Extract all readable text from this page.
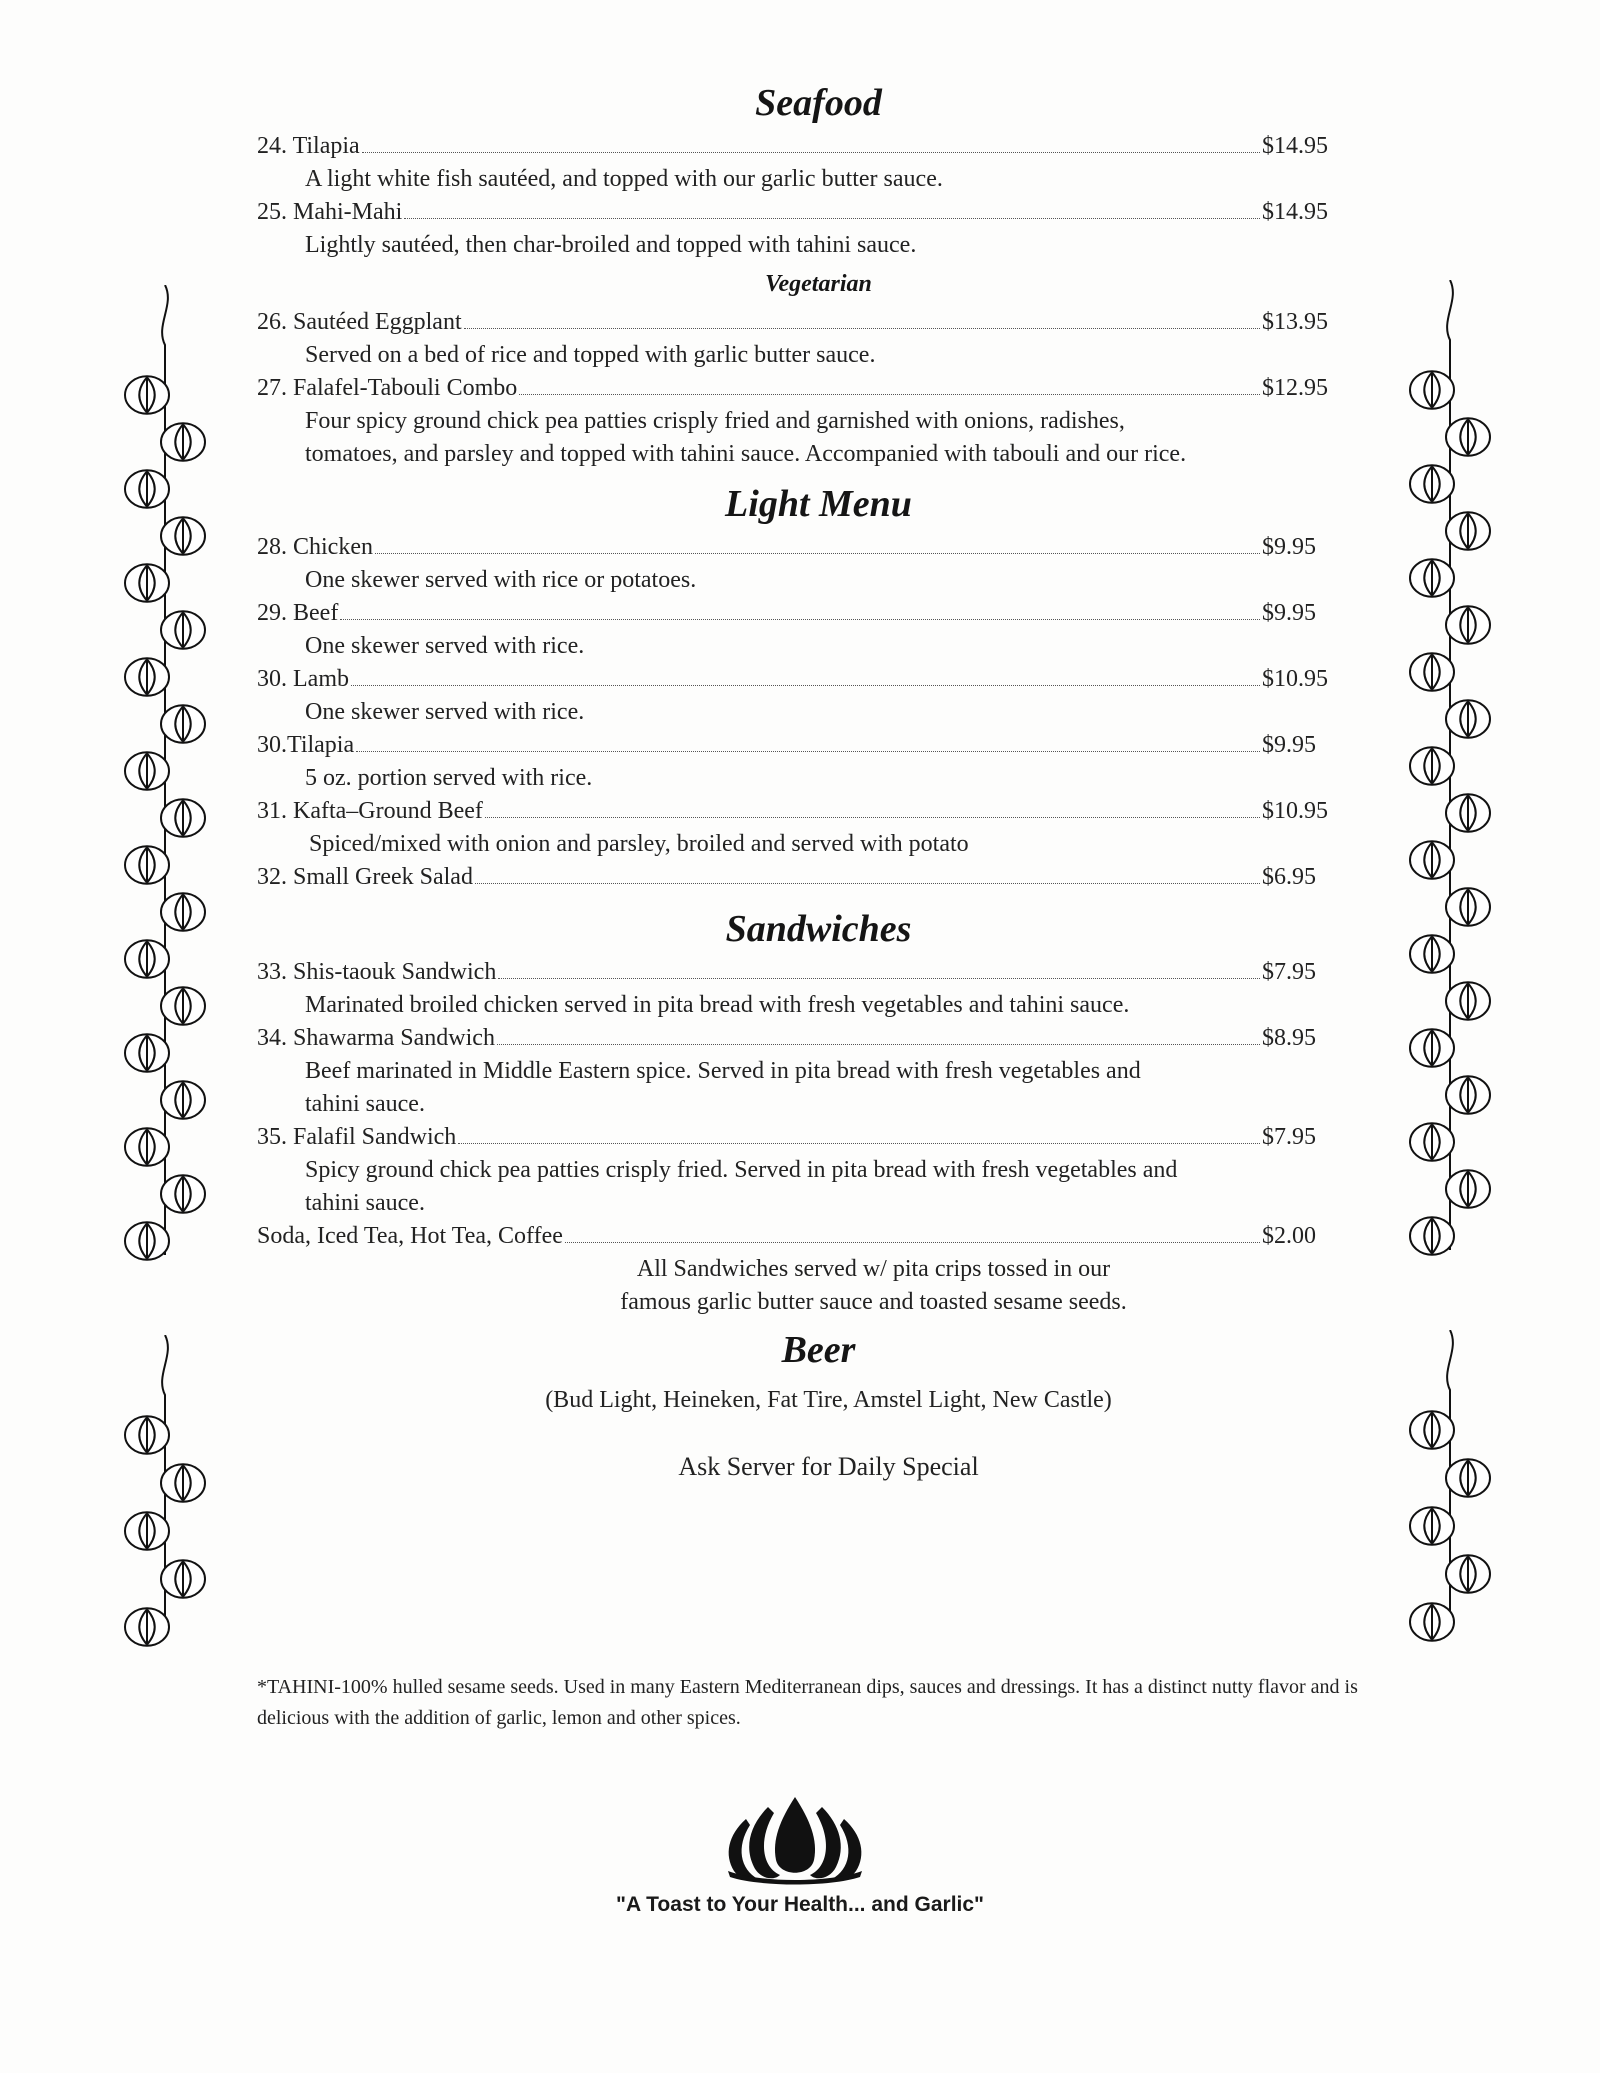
Seafood
24. Tilapia	$14.95
A light white fish sautéed, and topped with our garlic butter sauce.
25. Mahi-Mahi	$14.95
Lightly sautéed, then char-broiled and topped with tahini sauce.
Vegetarian
26. Sautéed Eggplant	$13.95
Served on a bed of rice and topped with garlic butter sauce.
27. Falafel-Tabouli Combo	$12.95
Four spicy ground chick pea patties crisply fried and garnished with onions, radishes, tomatoes, and parsley and topped with tahini sauce. Accompanied with tabouli and our rice.
Light Menu
28. Chicken	$9.95
One skewer served with rice or potatoes.
29. Beef	$9.95
One skewer served with rice.
30. Lamb	$10.95
One skewer served with rice.
30.Tilapia	$9.95
5 oz. portion served with rice.
31. Kafta–Ground Beef	$10.95
Spiced/mixed with onion and parsley, broiled and served with potato
32. Small Greek Salad	$6.95
Sandwiches
33. Shis-taouk Sandwich	$7.95
Marinated broiled chicken served in pita bread with fresh vegetables and tahini sauce.
34. Shawarma Sandwich	$8.95
Beef marinated in Middle Eastern spice. Served in pita bread with fresh vegetables and tahini sauce.
35. Falafil Sandwich	$7.95
Spicy ground chick pea patties crisply fried. Served in pita bread with fresh vegetables and tahini sauce.
Soda, Iced Tea, Hot Tea, Coffee	$2.00
All Sandwiches served w/ pita crips tossed in our
famous garlic butter sauce and toasted sesame seeds.
Beer
(Bud Light, Heineken, Fat Tire, Amstel Light, New Castle)
Ask Server for Daily Special
*TAHINI-100% hulled sesame seeds. Used in many Eastern Mediterranean dips, sauces and dressings. It has a distinct nutty flavor and is delicious with the addition of garlic, lemon and other spices.
"A Toast to Your Health... and Garlic"
